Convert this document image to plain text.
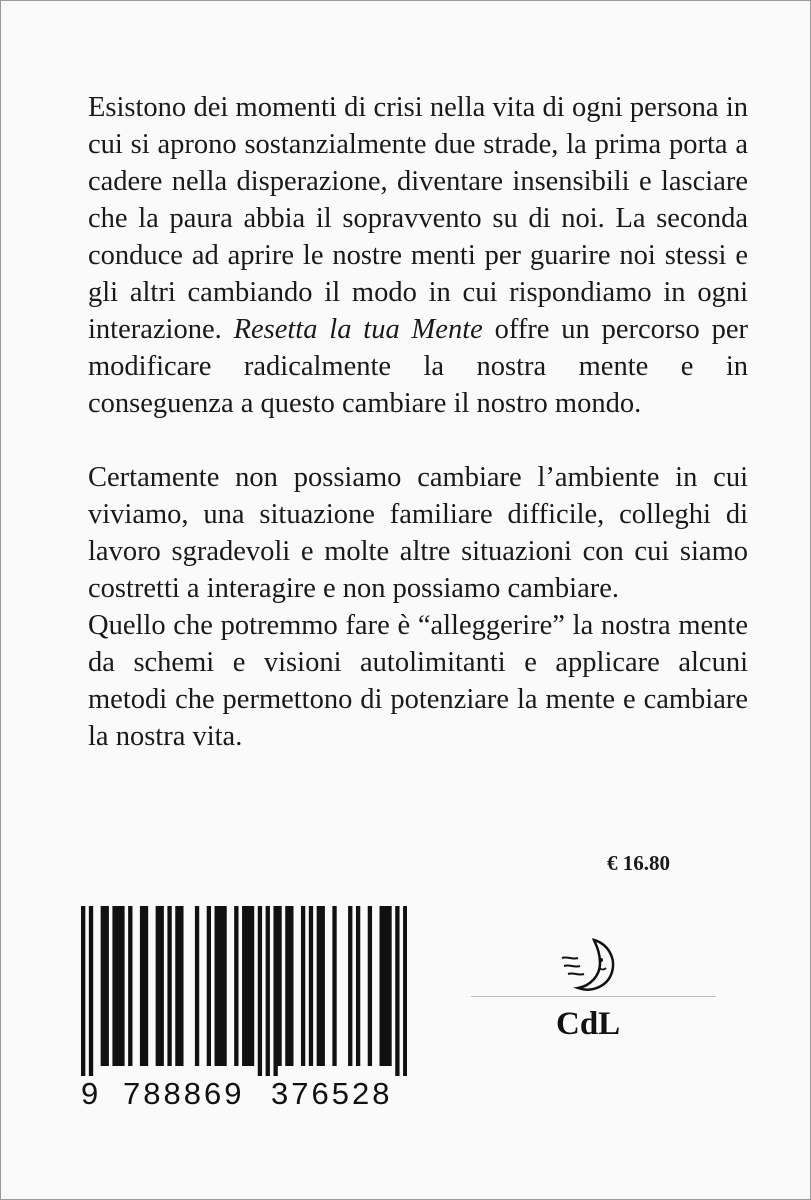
Esistono dei momenti di crisi nella vita di ogni persona in cui si aprono sostanzialmente due strade, la prima porta a cadere nella disperazione, diventare insensibili e lasciare che la paura abbia il sopravvento su di noi. La seconda conduce ad aprire le nostre menti per guarire noi stessi e gli altri cambiando il modo in cui rispondiamo in ogni interazione. Resetta la tua Mente offre un percorso per modificare radicalmente la nostra mente e in conseguenza a questo cambiare il nostro mondo.

Certamente non possiamo cambiare l’ambiente in cui viviamo, una situazione familiare difficile, colleghi di lavoro sgradevoli e molte altre situazioni con cui siamo costretti a interagire e non possiamo cambiare.

Quello che potremmo fare è “alleggerire” la nostra mente da schemi e visioni autolimitanti e applicare alcuni metodi che permettono di potenziare la mente e cambiare la nostra vita.

€ 16.80
9 788869 376528
CdL
